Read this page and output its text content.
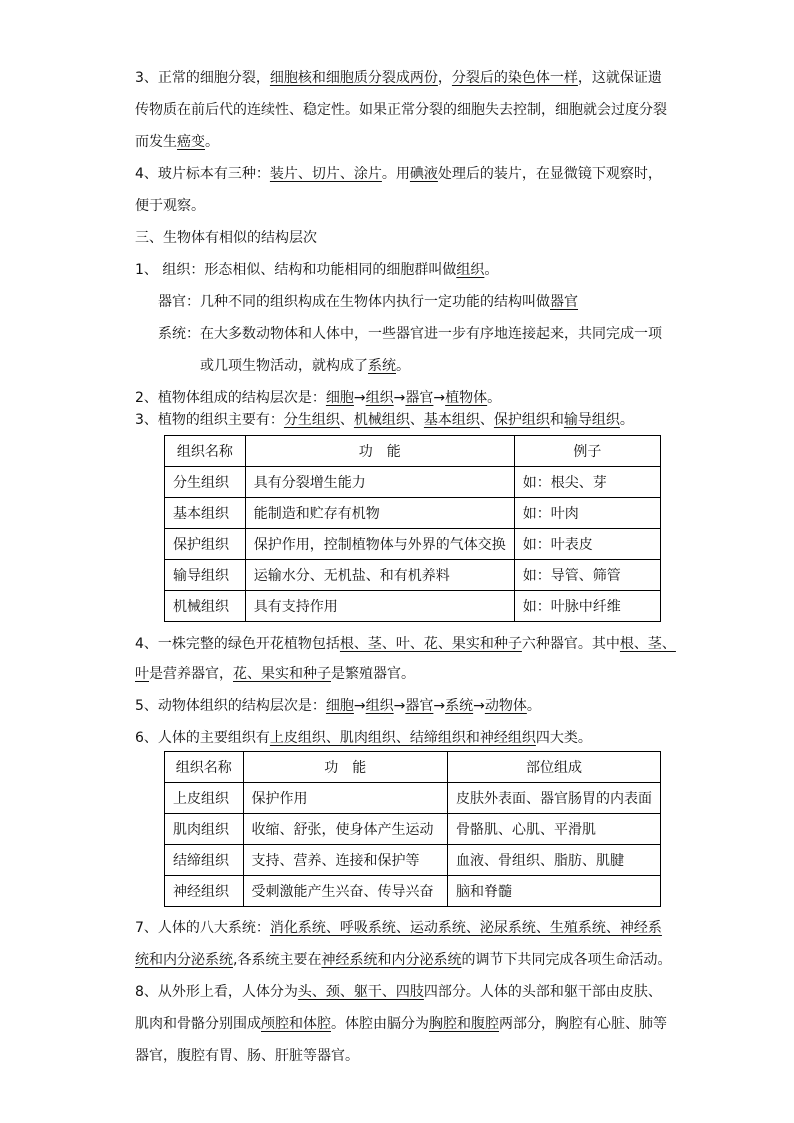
3、正常的细胞分裂，细胞核和细胞质分裂成两份，分裂后的染色体一样，这就保证遗
传物质在前后代的连续性、稳定性。如果正常分裂的细胞失去控制，细胞就会过度分裂
而发生癌变。
4、玻片标本有三种：装片、切片、涂片。用碘液处理后的装片，在显微镜下观察时，
便于观察。
三、生物体有相似的结构层次
1、 组织：形态相似、结构和功能相同的细胞群叫做组织。
器官：几种不同的组织构成在生物体内执行一定功能的结构叫做器官
系统：在大多数动物体和人体中，一些器官进一步有序地连接起来，共同完成一项
或几项生物活动，就构成了系统。
2、植物体组成的结构层次是：细胞→组织→器官→植物体。
3、植物的组织主要有：分生组织、机械组织、基本组织、保护组织和输导组织。
4、一株完整的绿色开花植物包括根、茎、叶、花、果实和种子六种器官。其中根、茎、
叶是营养器官，花、果实和种子是繁殖器官。
5、动物体组织的结构层次是：细胞→组织→器官→系统→动物体。
6、人体的主要组织有上皮组织、肌肉组织、结缔组织和神经组织四大类。
7、人体的八大系统：消化系统、呼吸系统、运动系统、泌尿系统、生殖系统、神经系
统和内分泌系统,各系统主要在神经系统和内分泌系统的调节下共同完成各项生命活动。
8、从外形上看，人体分为头、颈、躯干、四肢四部分。人体的头部和躯干部由皮肤、
肌肉和骨骼分别围成颅腔和体腔。体腔由膈分为胸腔和腹腔两部分，胸腔有心脏、肺等
器官，腹腔有胃、肠、肝脏等器官。
组织名称	功　能	例子
分生组织	具有分裂增生能力	如：根尖、芽
基本组织	能制造和贮存有机物	如：叶肉
保护组织	保护作用，控制植物体与外界的气体交换	如：叶表皮
输导组织	运输水分、无机盐、和有机养料	如：导管、筛管
机械组织	具有支持作用	如：叶脉中纤维
组织名称	功　能	部位组成
上皮组织	保护作用	皮肤外表面、器官肠胃的内表面
肌肉组织	收缩、舒张，使身体产生运动	骨骼肌、心肌、平滑肌
结缔组织	支持、营养、连接和保护等	血液、骨组织、脂肪、肌腱
神经组织	受刺激能产生兴奋、传导兴奋	脑和脊髓
